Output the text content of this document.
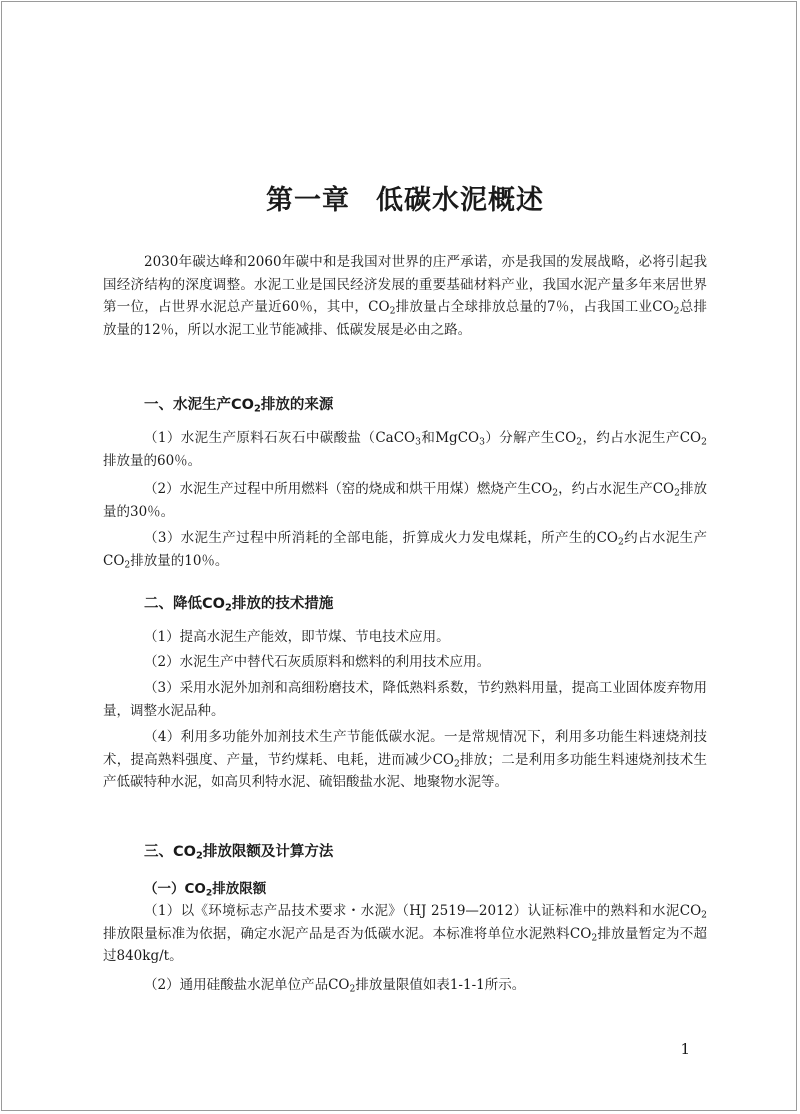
第一章 低碳水泥概述
2030年碳达峰和2060年碳中和是我国对世界的庄严承诺，亦是我国的发展战略，必将引起我国经济结构的深度调整。水泥工业是国民经济发展的重要基础材料产业，我国水泥产量多年来居世界第一位，占世界水泥总产量近60％，其中，$CO_2$排放量占全球排放总量的7％，占我国工业$CO_2$总排放量的12％，所以水泥工业节能减排、低碳发展是必由之路。
一、水泥生产$CO_2$排放的来源
（1）水泥生产原料石灰石中碳酸盐（CaCO$_3$和MgCO$_3$）分解产生$CO_2$，约占水泥生产$CO_2$排放量的60％。
（2）水泥生产过程中所用燃料（窑的烧成和烘干用煤）燃烧产生$CO_2$，约占水泥生产$CO_2$排放量的30％。
（3）水泥生产过程中所消耗的全部电能，折算成火力发电煤耗，所产生的$CO_2$约占水泥生产$CO_2$排放量的10％。
二、降低$CO_2$排放的技术措施
（1）提高水泥生产能效，即节煤、节电技术应用。
（2）水泥生产中替代石灰质原料和燃料的利用技术应用。
（3）采用水泥外加剂和高细粉磨技术，降低熟料系数，节约熟料用量，提高工业固体废弃物用量，调整水泥品种。
（4）利用多功能外加剂技术生产节能低碳水泥。一是常规情况下，利用多功能生料速烧剂技术，提高熟料强度、产量，节约煤耗、电耗，进而减少$CO_2$排放；二是利用多功能生料速烧剂技术生产低碳特种水泥，如高贝利特水泥、硫铝酸盐水泥、地聚物水泥等。
三、$CO_2$排放限额及计算方法
（一）$CO_2$排放限额
（1）以《环境标志产品技术要求・水泥》（HJ 2519—2012）认证标准中的熟料和水泥$CO_2$排放限量标准为依据，确定水泥产品是否为低碳水泥。本标准将单位水泥熟料$CO_2$排放量暂定为不超过840kg/t。
（2）通用硅酸盐水泥单位产品$CO_2$排放量限值如表1-1-1所示。
1
